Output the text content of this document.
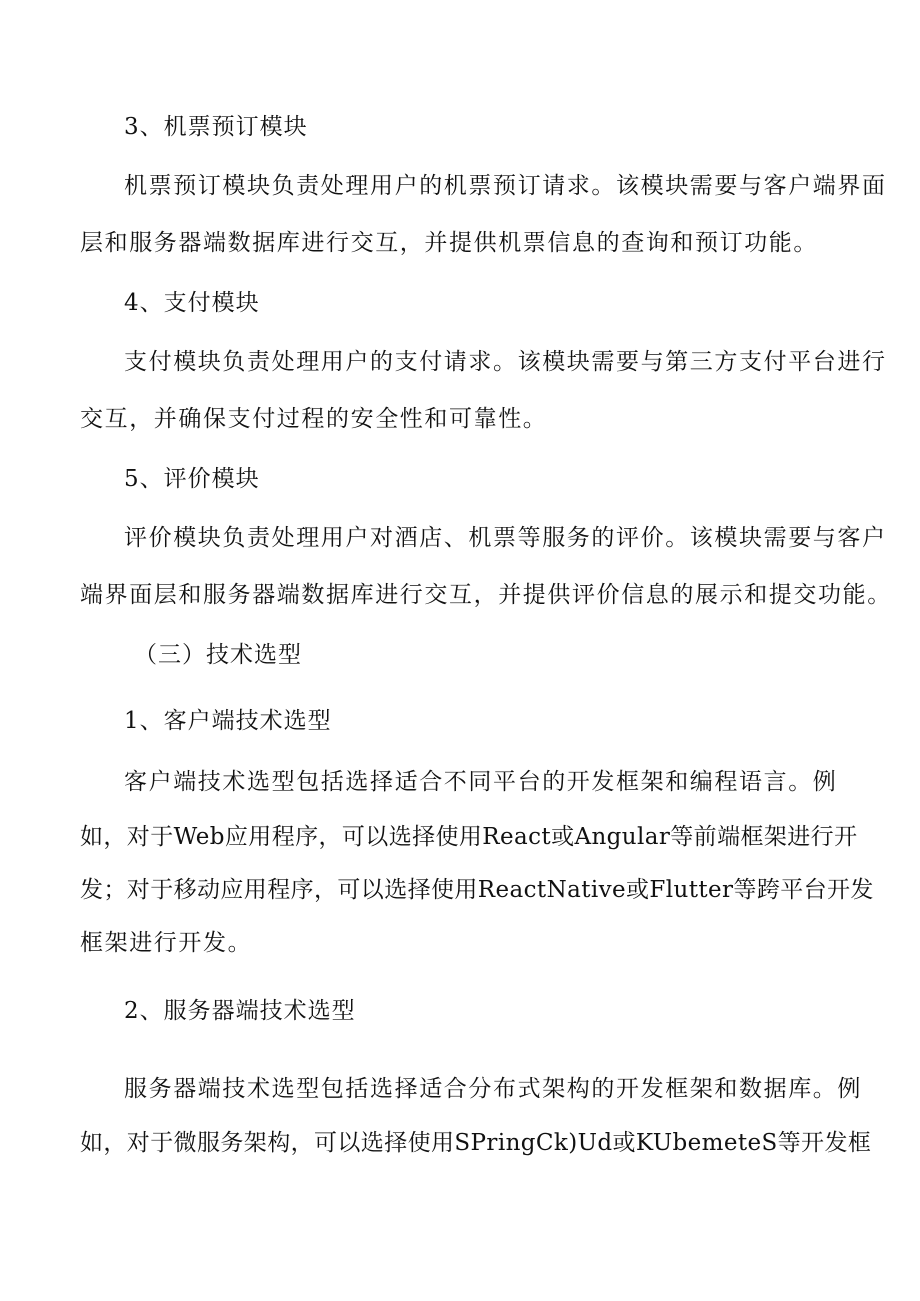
3、机票预订模块

机票预订模块负责处理用户的机票预订请求。该模块需要与客户端界面

层和服务器端数据库进行交互，并提供机票信息的查询和预订功能。

4、支付模块

支付模块负责处理用户的支付请求。该模块需要与第三方支付平台进行

交互，并确保支付过程的安全性和可靠性。

5、评价模块

评价模块负责处理用户对酒店、机票等服务的评价。该模块需要与客户

端界面层和服务器端数据库进行交互，并提供评价信息的展示和提交功能。

（三）技术选型

1、客户端技术选型

客户端技术选型包括选择适合不同平台的开发框架和编程语言。例

如，对于Web应用程序，可以选择使用React或Angular等前端框架进行开

发；对于移动应用程序，可以选择使用ReactNative或Flutter等跨平台开发

框架进行开发。

2、服务器端技术选型

服务器端技术选型包括选择适合分布式架构的开发框架和数据库。例

如，对于微服务架构，可以选择使用SPringCk)Ud或KUbemeteS等开发框
